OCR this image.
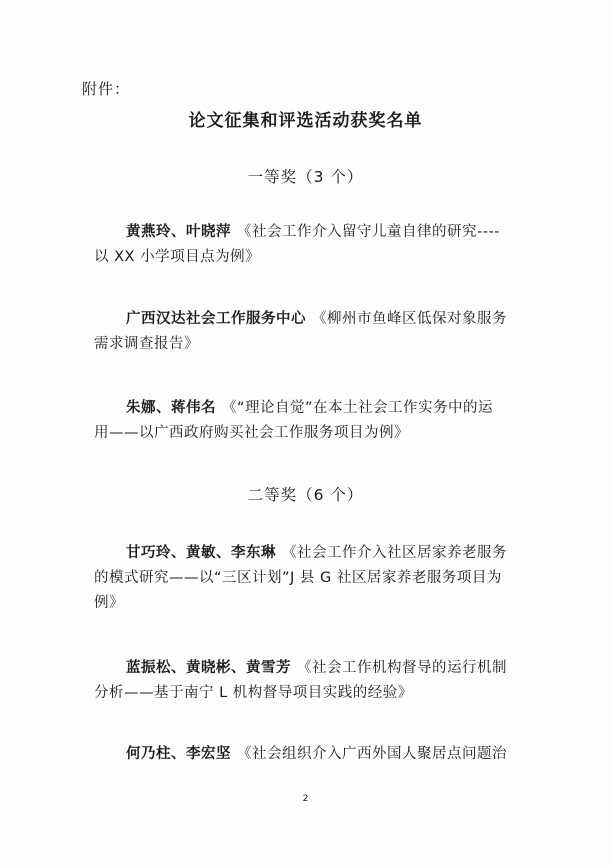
附件：
论文征集和评选活动获奖名单
一等奖（3 个）
黄燕玲、叶晓萍 《社会工作介入留守儿童自律的研究----
以 XX 小学项目点为例》
广西汉达社会工作服务中心 《柳州市鱼峰区低保对象服务
需求调查报告》
朱娜、蒋伟名 《“理论自觉”在本土社会工作实务中的运
用——以广西政府购买社会工作服务项目为例》
二等奖（6 个）
甘巧玲、黄敏、李东琳 《社会工作介入社区居家养老服务
的模式研究——以“三区计划”J 县 G 社区居家养老服务项目为
例》
蓝振松、黄晓彬、黄雪芳 《社会工作机构督导的运行机制
分析——基于南宁 L 机构督导项目实践的经验》
何乃柱、李宏坚 《社会组织介入广西外国人聚居点问题治
2
